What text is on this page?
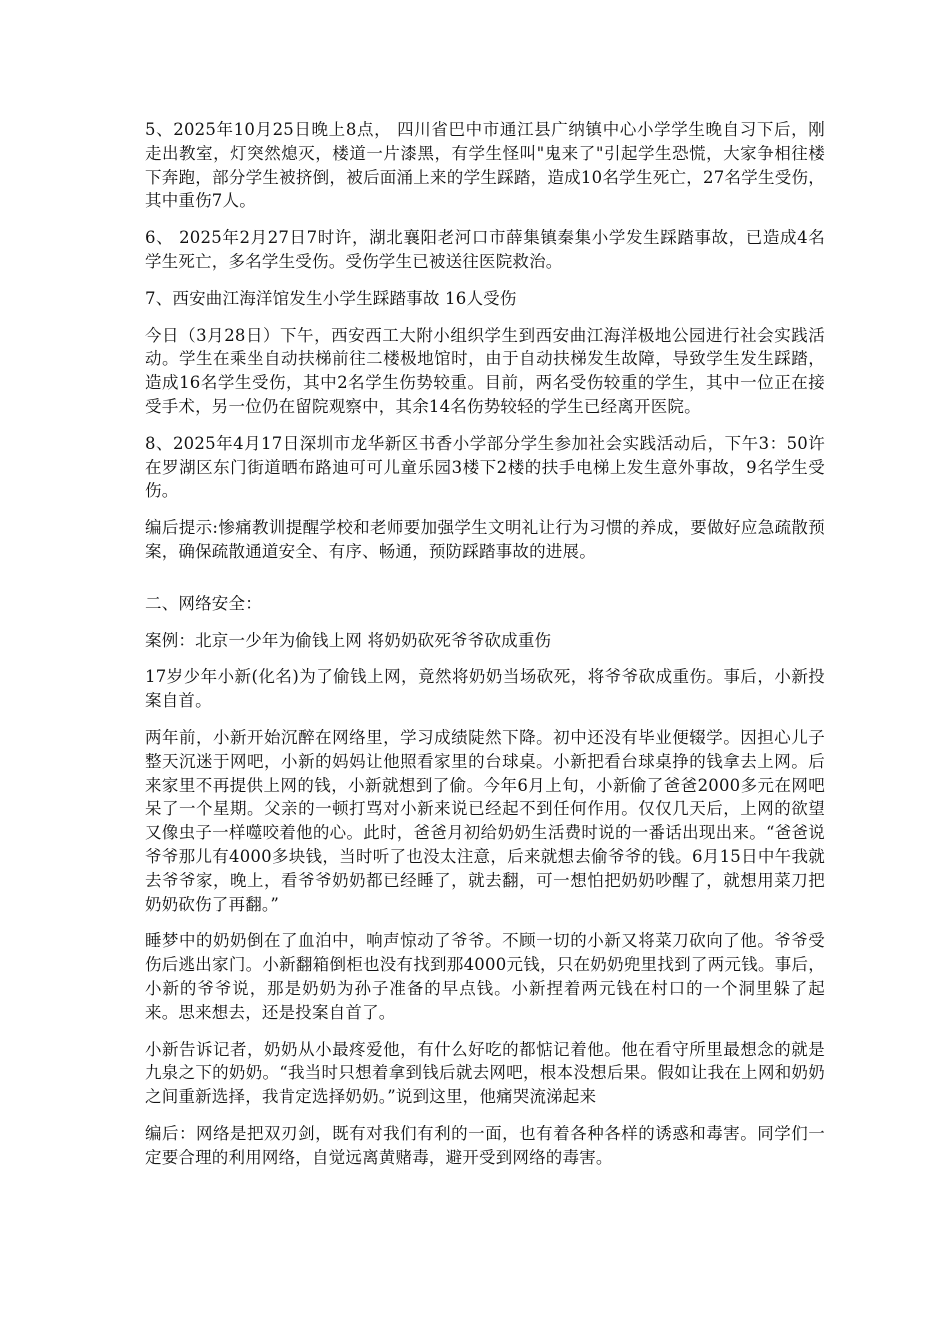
5、2025年10月25日晚上8点， 四川省巴中市通江县广纳镇中心小学学生晚自习下后，刚走出教室，灯突然熄灭，楼道一片漆黑，有学生怪叫"鬼来了"引起学生恐慌，大家争相往楼下奔跑，部分学生被挤倒，被后面涌上来的学生踩踏，造成10名学生死亡，27名学生受伤，其中重伤7人。

6、 2025年2月27日7时许，湖北襄阳老河口市薛集镇秦集小学发生踩踏事故，已造成4名学生死亡，多名学生受伤。受伤学生已被送往医院救治。

7、西安曲江海洋馆发生小学生踩踏事故 16人受伤

今日（3月28日）下午，西安西工大附小组织学生到西安曲江海洋极地公园进行社会实践活动。学生在乘坐自动扶梯前往二楼极地馆时，由于自动扶梯发生故障，导致学生发生踩踏，造成16名学生受伤，其中2名学生伤势较重。目前，两名受伤较重的学生，其中一位正在接受手术，另一位仍在留院观察中，其余14名伤势较轻的学生已经离开医院。

8、2025年4月17日深圳市龙华新区书香小学部分学生参加社会实践活动后，下午3：50许在罗湖区东门街道晒布路迪可可儿童乐园3楼下2楼的扶手电梯上发生意外事故，9名学生受伤。

编后提示:惨痛教训提醒学校和老师要加强学生文明礼让行为习惯的养成，要做好应急疏散预案，确保疏散通道安全、有序、畅通，预防踩踏事故的进展。

二、网络安全：

案例：北京一少年为偷钱上网 将奶奶砍死爷爷砍成重伤

17岁少年小新(化名)为了偷钱上网，竟然将奶奶当场砍死，将爷爷砍成重伤。事后，小新投案自首。

两年前，小新开始沉醉在网络里，学习成绩陡然下降。初中还没有毕业便辍学。因担心儿子整天沉迷于网吧，小新的妈妈让他照看家里的台球桌。小新把看台球桌挣的钱拿去上网。后来家里不再提供上网的钱，小新就想到了偷。今年6月上旬，小新偷了爸爸2000多元在网吧呆了一个星期。父亲的一顿打骂对小新来说已经起不到任何作用。仅仅几天后，上网的欲望又像虫子一样噬咬着他的心。此时，爸爸月初给奶奶生活费时说的一番话出现出来。“爸爸说爷爷那儿有4000多块钱，当时听了也没太注意，后来就想去偷爷爷的钱。6月15日中午我就去爷爷家，晚上，看爷爷奶奶都已经睡了，就去翻，可一想怕把奶奶吵醒了，就想用菜刀把奶奶砍伤了再翻。”

睡梦中的奶奶倒在了血泊中，响声惊动了爷爷。不顾一切的小新又将菜刀砍向了他。爷爷受伤后逃出家门。小新翻箱倒柜也没有找到那4000元钱，只在奶奶兜里找到了两元钱。事后，小新的爷爷说，那是奶奶为孙子准备的早点钱。小新捏着两元钱在村口的一个洞里躲了起来。思来想去，还是投案自首了。

小新告诉记者，奶奶从小最疼爱他，有什么好吃的都惦记着他。他在看守所里最想念的就是九泉之下的奶奶。“我当时只想着拿到钱后就去网吧，根本没想后果。假如让我在上网和奶奶之间重新选择，我肯定选择奶奶。”说到这里，他痛哭流涕起来

编后：网络是把双刃剑，既有对我们有利的一面，也有着各种各样的诱惑和毒害。同学们一定要合理的利用网络，自觉远离黄赌毒，避开受到网络的毒害。
